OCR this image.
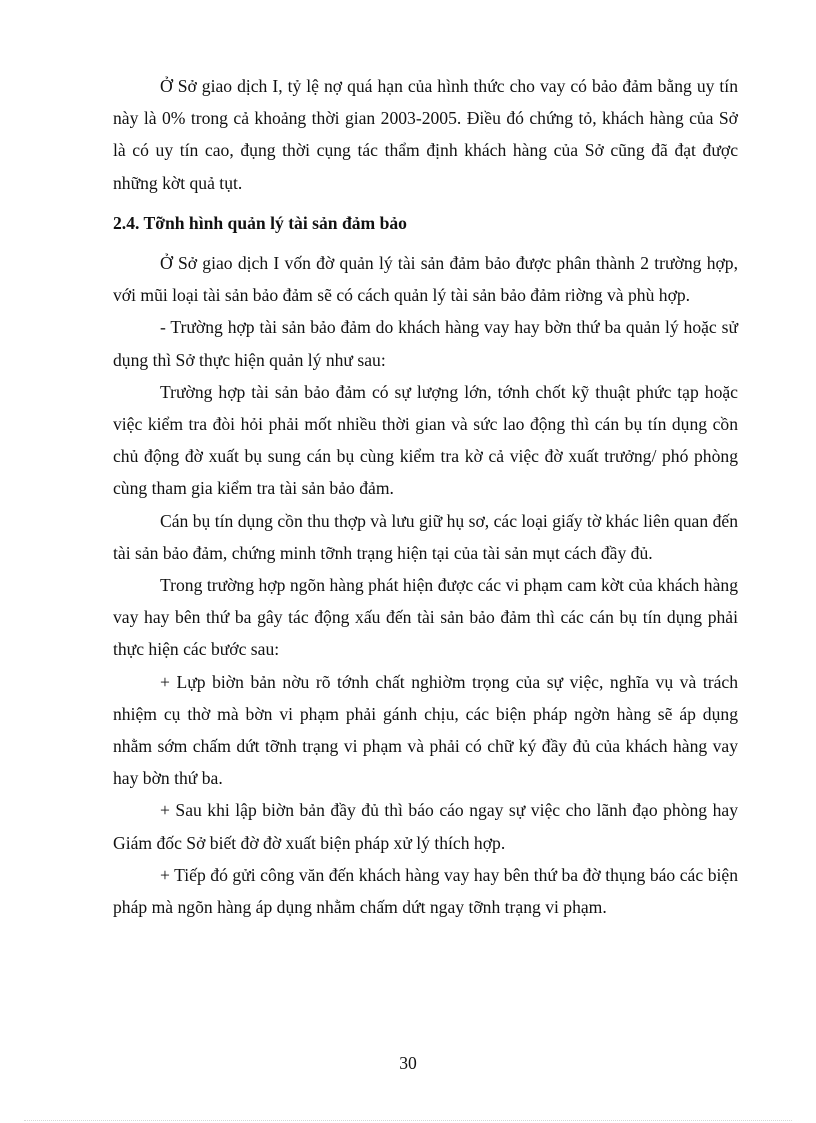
Ở Sở giao dịch I, tỷ lệ nợ quá hạn của hình thức cho vay có bảo đảm bằng uy tín này là 0% trong cả khoảng thời gian 2003-2005. Điều đó chứng tỏ, khách hàng của Sở là có uy tín cao, đụng thời cụng tác thẩm định khách hàng của Sở cũng đã đạt được những kờt quả tụt.

2.4. Tỡnh hình quản lý tài sản đảm bảo

Ở Sở giao dịch I vốn đờ quản lý tài sản đảm bảo được phân thành 2 trường hợp, với mũi loại tài sản bảo đảm sẽ có cách quản lý tài sản bảo đảm riờng và phù hợp.

- Trường hợp tài sản bảo đảm do khách hàng vay hay bờn thứ ba quản lý hoặc sử dụng thì Sở thực hiện quản lý như sau:

Trường hợp tài sản bảo đảm có sự lượng lớn, tớnh chốt kỹ thuật phức tạp hoặc việc kiểm tra đòi hỏi phải mốt nhiều thời gian và sức lao động thì cán bụ tín dụng cồn chủ động đờ xuất bụ sung cán bụ cùng kiểm tra kờ cả việc đờ xuất trưởng/ phó phòng cùng tham gia kiểm tra tài sản bảo đảm.

Cán bụ tín dụng cồn thu thợp và lưu giữ hụ sơ, các loại giấy tờ khác liên quan đến tài sản bảo đảm, chứng minh tỡnh trạng hiện tại của tài sản mụt cách đầy đủ.

Trong trường hợp ngõn hàng phát hiện được các vi phạm cam kờt của khách hàng vay hay bên thứ ba gây tác động xấu đến tài sản bảo đảm thì các cán bụ tín dụng phải thực hiện các bước sau:

+ Lựp biờn bản nờu rõ tớnh chất nghiờm trọng của sự việc, nghĩa vụ và trách nhiệm cụ thờ mà bờn vi phạm phải gánh chịu, các biện pháp ngờn hàng sẽ áp dụng nhằm sớm chấm dứt tỡnh trạng vi phạm và phải có chữ ký đầy đủ của khách hàng vay hay bờn thứ ba.

+ Sau khi lập biờn bản đầy đủ thì báo cáo ngay sự việc cho lãnh đạo phòng hay Giám đốc Sở biết đờ đờ xuất biện pháp xử lý thích hợp.

+ Tiếp đó gửi công văn đến khách hàng vay hay bên thứ ba đờ thụng báo các biện pháp mà ngõn hàng áp dụng nhằm chấm dứt ngay tỡnh trạng vi phạm.

30
